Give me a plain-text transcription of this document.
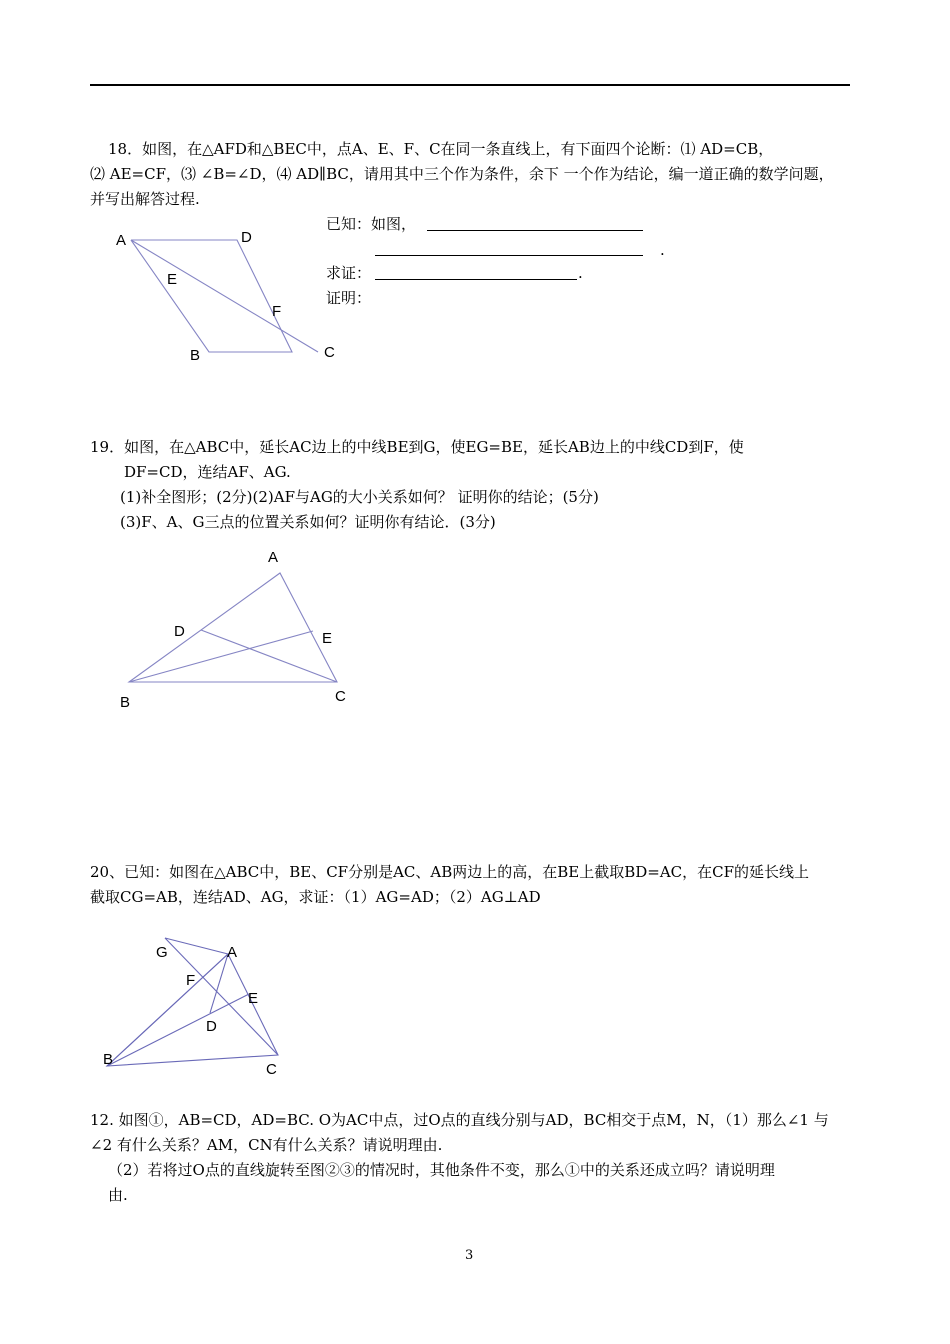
18．如图，在△AFD和△BEC中，点A、E、F、C在同一条直线上，有下面四个论断：⑴ AD=CB，
⑵ AE=CF，⑶ ∠B=∠D，⑷ AD∥BC，请用其中三个作为条件，余下 一个作为结论，编一道正确的数学问题，
并写出解答过程.
A	D
E
F
B	C
已知：如图，
.
求证：	.
证明：
19．如图，在△ABC中，延长AC边上的中线BE到G，使EG=BE，延长AB边上的中线CD到F，使
DF=CD，连结AF、AG.
(1)补全图形；(2分)(2)AF与AG的大小关系如何？ 证明你的结论；(5分)
(3)F、A、G三点的位置关系如何？证明你有结论．(3分)
A
D	E
B	C
20、已知：如图在△ABC中，BE、CF分别是AC、AB两边上的高，在BE上截取BD=AC，在CF的延长线上
截取CG=AB，连结AD、AG，求证：（1）AG=AD；（2）AG⊥AD
G	A
F
E
D
B
C
12. 如图①，AB=CD，AD=BC. O为AC中点，过O点的直线分别与AD，BC相交于点M，N，（1）那么∠1 与
∠2 有什么关系？AM，CN有什么关系？请说明理由.
（2）若将过O点的直线旋转至图②③的情况时，其他条件不变，那么①中的关系还成立吗？请说明理
由.
3
